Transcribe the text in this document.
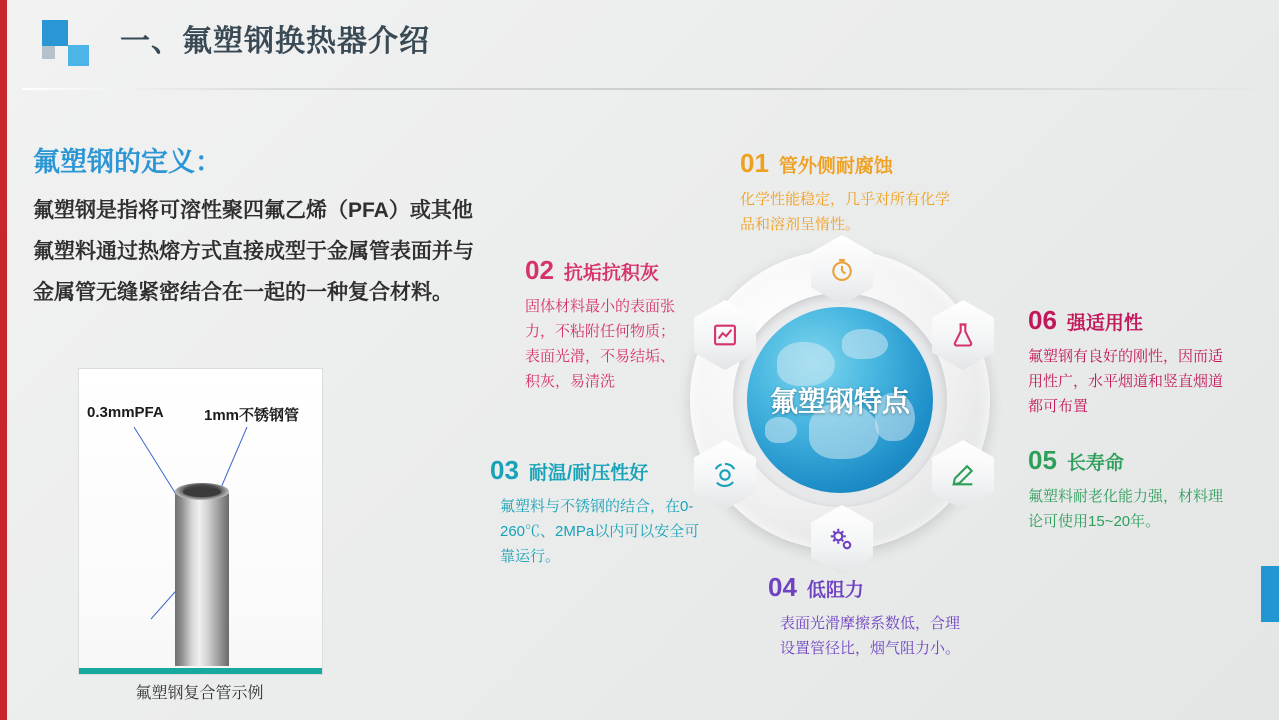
一、氟塑钢换热器介绍
氟塑钢的定义：
氟塑钢是指将可溶性聚四氟乙烯（PFA）或其他氟塑料通过热熔方式直接成型于金属管表面并与金属管无缝紧密结合在一起的一种复合材料。
0.3mmPFA	1mm不锈钢管
氟塑钢复合管示例
氟塑钢特点
01 管外侧耐腐蚀
化学性能稳定，几乎对所有化学品和溶剂呈惰性。
02 抗垢抗积灰
固体材料最小的表面张力，不粘附任何物质；表面光滑，不易结垢、积灰，易清洗
03 耐温/耐压性好
氟塑料与不锈钢的结合，在0-260℃、2MPa以内可以安全可靠运行。
04 低阻力
表面光滑摩擦系数低，合理设置管径比，烟气阻力小。
05 长寿命
氟塑料耐老化能力强，材料理论可使用15~20年。
06 强适用性
氟塑钢有良好的刚性，因而适用性广，水平烟道和竖直烟道都可布置
